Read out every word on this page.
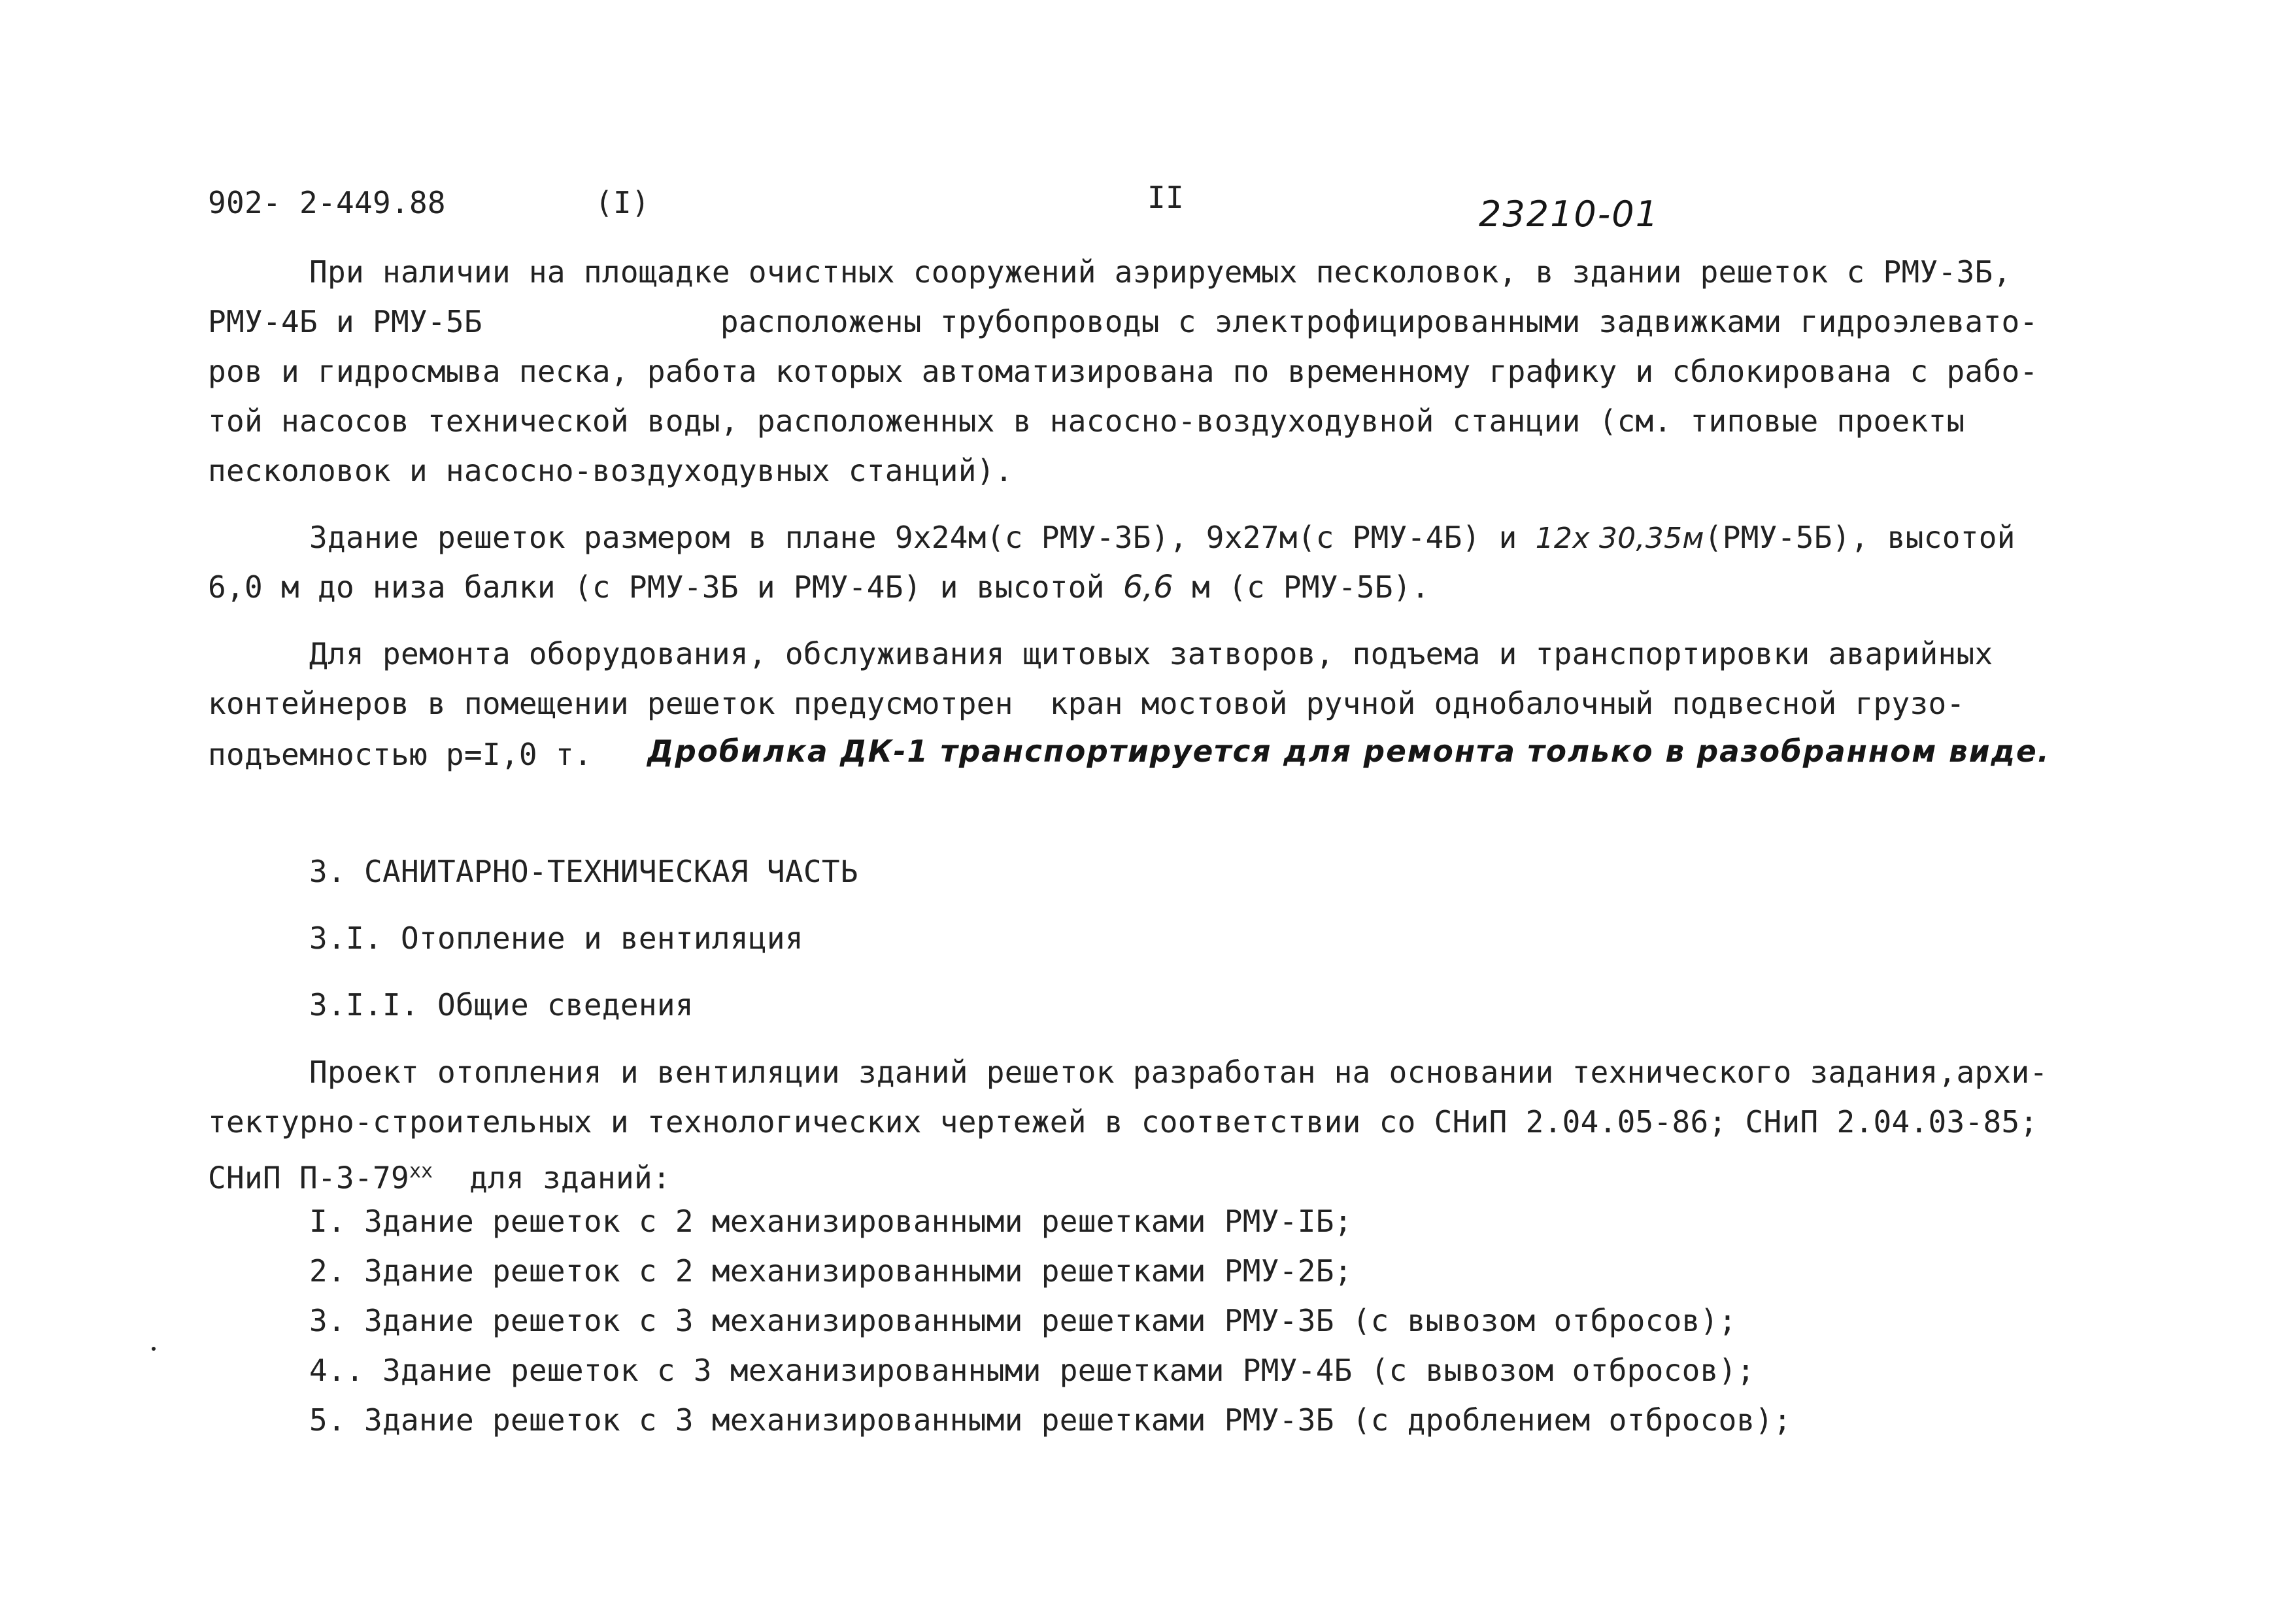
902- 2-449.88	(I)	II	23210-01
При наличии на площадке очистных сооружений аэрируемых песколовок, в здании решеток с РМУ-3Б,
РМУ-4Б и РМУ-5Б             расположены трубопроводы с электрофицированными задвижками гидроэлевато-
ров и гидросмыва песка, работа которых автоматизирована по временному графику и сблокирована с рабо-
той насосов технической воды, расположенных в насосно-воздуходувной станции (см. типовые проекты
песколовок и насосно-воздуходувных станций).
Здание решеток размером в плане 9х24м(с РМУ-3Б), 9х27м(с РМУ-4Б) и 12х 30,35м(РМУ-5Б), высотой
6,0 м до низа балки (с РМУ-3Б и РМУ-4Б) и высотой 6,6 м (с РМУ-5Б).
Для ремонта оборудования, обслуживания щитовых затворов, подъема и транспортировки аварийных
контейнеров в помещении решеток предусмотрен  кран мостовой ручной однобалочный подвесной грузо-
подъемностью р=I,0 т. Дробилка ДК-1 транспортируется для ремонта только в разобранном виде.
3. САНИТАРНО-ТЕХНИЧЕСКАЯ ЧАСТЬ
3.I. Отопление и вентиляция
3.I.I. Общие сведения
Проект отопления и вентиляции зданий решеток разработан на основании технического задания,архи-
тектурно-строительных и технологических чертежей в соответствии со СНиП 2.04.05-86; СНиП 2.04.03-85;
СНиП $П-3-79^{хх}$  для зданий:
I. Здание решеток с 2 механизированными решетками РМУ-IБ;
2. Здание решеток с 2 механизированными решетками РМУ-2Б;
3. Здание решеток с 3 механизированными решетками РМУ-3Б (с вывозом отбросов);
4.. Здание решеток с 3 механизированными решетками РМУ-4Б (с вывозом отбросов);
5. Здание решеток с 3 механизированными решетками РМУ-3Б (с дроблением отбросов);
